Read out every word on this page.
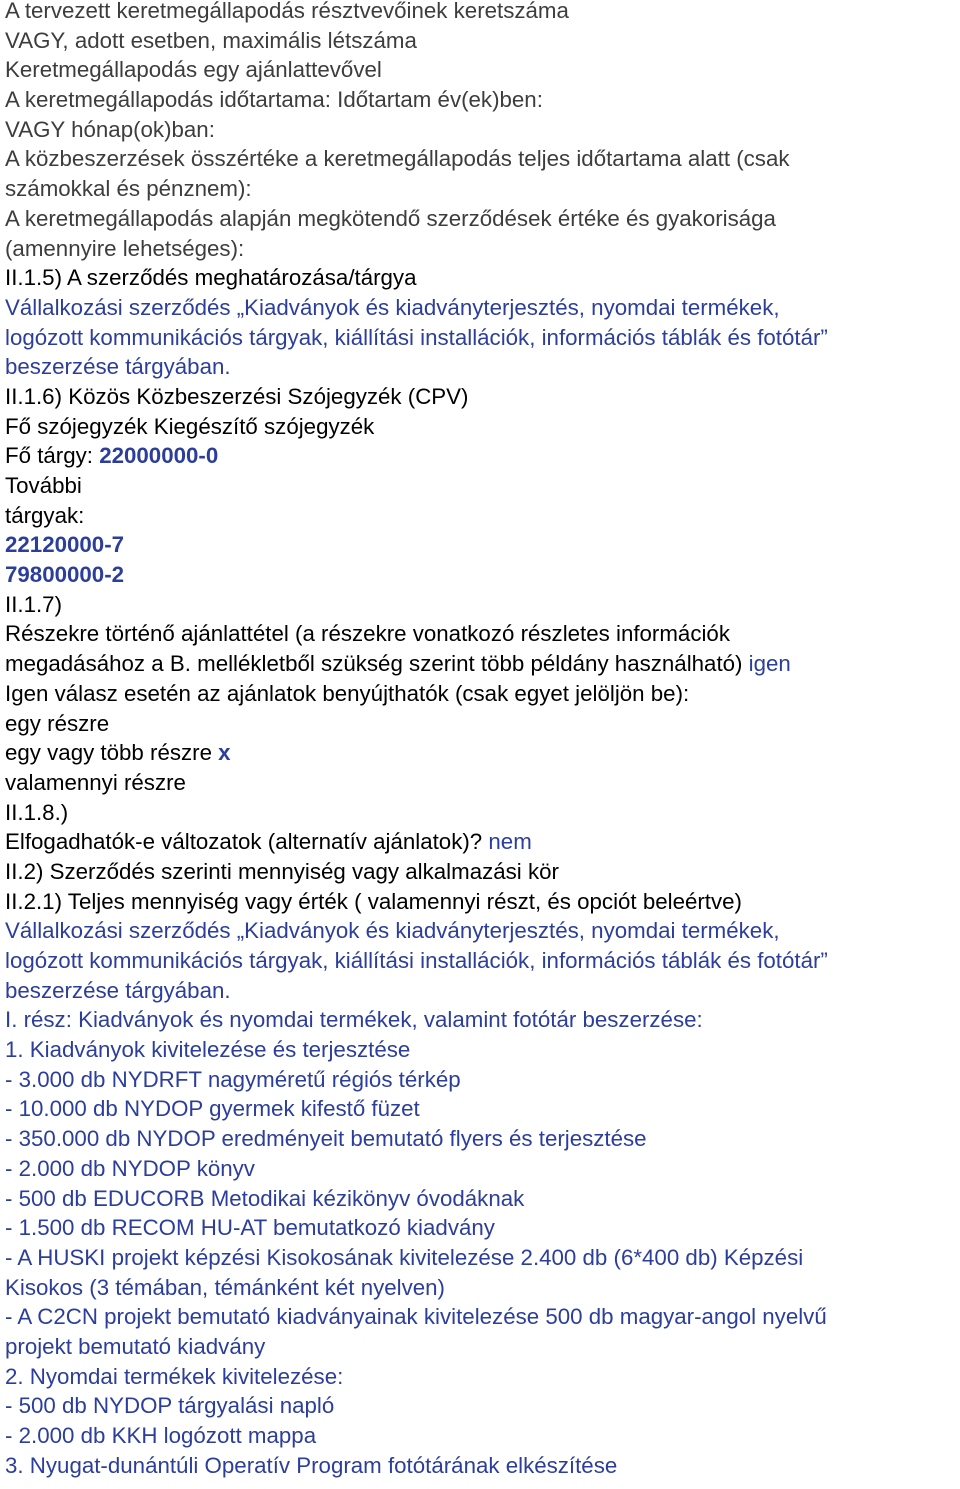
A tervezett keretmegállapodás résztvevőinek keretszáma

VAGY, adott esetben, maximális létszáma

Keretmegállapodás egy ajánlattevővel

A keretmegállapodás időtartama: Időtartam év(ek)ben:

VAGY hónap(ok)ban:

A közbeszerzések összértéke a keretmegállapodás teljes időtartama alatt (csak

számokkal és pénznem):

A keretmegállapodás alapján megkötendő szerződések értéke és gyakorisága

(amennyire lehetséges):

II.1.5) A szerződés meghatározása/tárgya

Vállalkozási szerződés „Kiadványok és kiadványterjesztés, nyomdai termékek,

logózott kommunikációs tárgyak, kiállítási installációk, információs táblák és fotótár”

beszerzése tárgyában.

II.1.6) Közös Közbeszerzési Szójegyzék (CPV)

Fő szójegyzék Kiegészítő szójegyzék

Fő tárgy: 22000000-0

További

tárgyak:

22120000-7

79800000-2

II.1.7)

Részekre történő ajánlattétel (a részekre vonatkozó részletes információk

megadásához a B. mellékletből szükség szerint több példány használható) igen

Igen válasz esetén az ajánlatok benyújthatók (csak egyet jelöljön be):

egy részre

egy vagy több részre x

valamennyi részre

II.1.8.)

Elfogadhatók-e változatok (alternatív ajánlatok)? nem

II.2) Szerződés szerinti mennyiség vagy alkalmazási kör

II.2.1) Teljes mennyiség vagy érték ( valamennyi részt, és opciót beleértve)

Vállalkozási szerződés „Kiadványok és kiadványterjesztés, nyomdai termékek,

logózott kommunikációs tárgyak, kiállítási installációk, információs táblák és fotótár”

beszerzése tárgyában.

I. rész: Kiadványok és nyomdai termékek, valamint fotótár beszerzése:

1. Kiadványok kivitelezése és terjesztése

- 3.000 db NYDRFT nagyméretű régiós térkép

- 10.000 db NYDOP gyermek kifestő füzet

- 350.000 db NYDOP eredményeit bemutató flyers és terjesztése

- 2.000 db NYDOP könyv

- 500 db EDUCORB Metodikai kézikönyv óvodáknak

- 1.500 db RECOM HU-AT bemutatkozó kiadvány

- A HUSKI projekt képzési Kisokosának kivitelezése 2.400 db (6*400 db) Képzési

Kisokos (3 témában, témánként két nyelven)

- A C2CN projekt bemutató kiadványainak kivitelezése 500 db magyar-angol nyelvű

projekt bemutató kiadvány

2. Nyomdai termékek kivitelezése:

- 500 db NYDOP tárgyalási napló

- 2.000 db KKH logózott mappa

3. Nyugat-dunántúli Operatív Program fotótárának elkészítése
